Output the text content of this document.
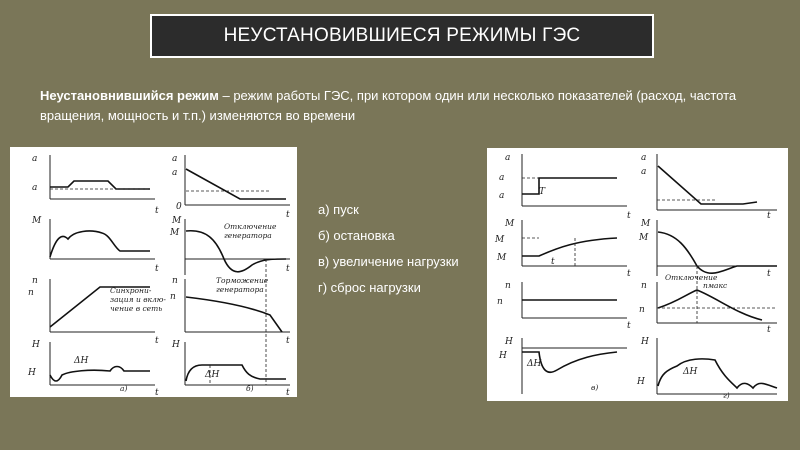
НЕУСТАНОВИВШИЕСЯ РЕЖИМЫ ГЭС
Неустановнившийся режим – режим работы ГЭС, при котором один или несколько показателей (расход, частота вращения, мощность и т.п.) изменяются во времени
a
a
t
M
t
n
n
t
H
H
t
a
a
0
t
M
M
t
n
n
t
H
t
ΔH
ΔH
Синхрони-
зация и вклю-
чение в сеть
Отключение
генератора
Торможение
генератора
а)	б)
а) пуск
б) остановка
в) увеличение нагрузки
г) сброс нагрузки
a
a
a
t
T
M
M
M
t
t
n
n
t
H
H
ΔH
a
a
t
M
M
t
n
n
t
H
H
ΔH
Отключение
nмакс
в)
г)
